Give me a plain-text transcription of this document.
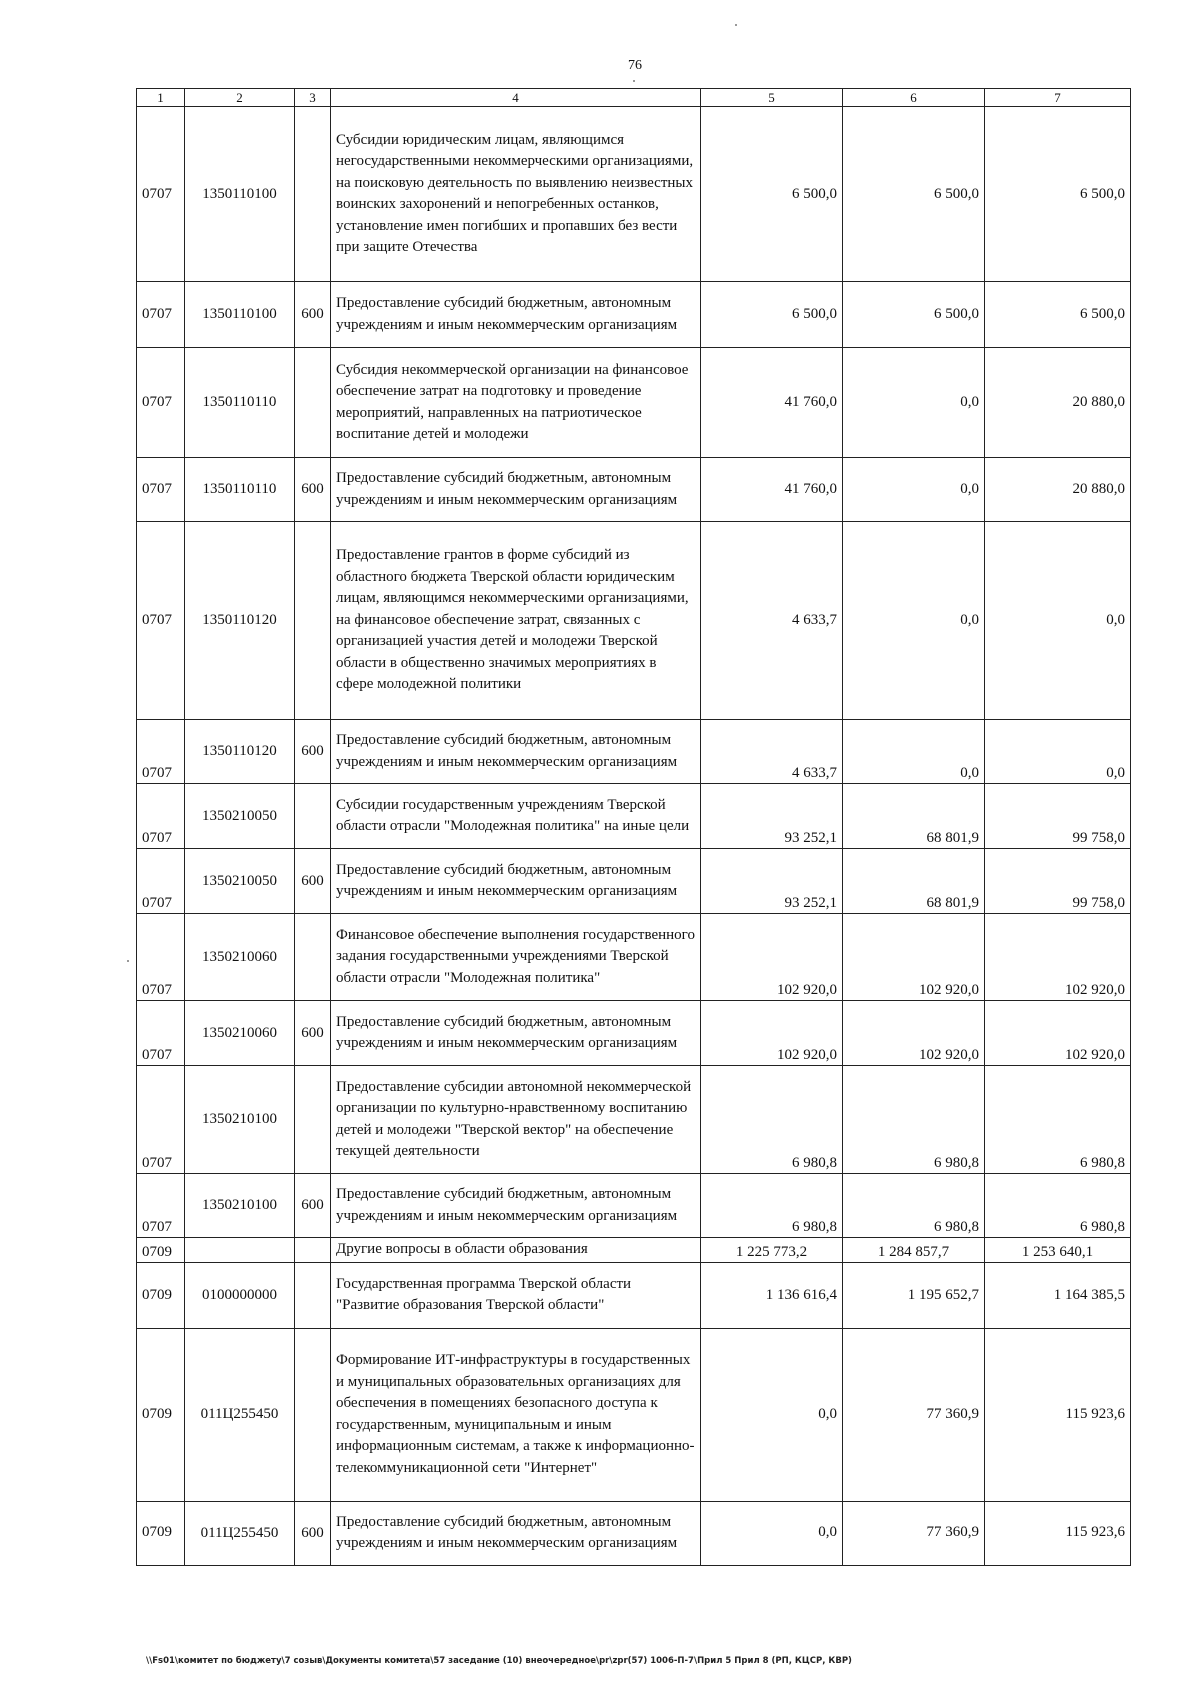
76
1	2	3	4	5	6	7
0707	1350110100		Субсидии юридическим лицам, являющимся негосударственными некоммерческими организациями, на поисковую деятельность по выявлению неизвестных воинских захоронений и непогребенных останков, установление имен погибших и пропавших без вести при защите Отечества	6 500,0	6 500,0	6 500,0
0707	1350110100	600	Предоставление субсидий бюджетным, автономным учреждениям и иным некоммерческим организациям	6 500,0	6 500,0	6 500,0
0707	1350110110		Субсидия некоммерческой организации на финансовое обеспечение затрат на подготовку и проведение мероприятий, направленных на патриотическое воспитание детей и молодежи	41 760,0	0,0	20 880,0
0707	1350110110	600	Предоставление субсидий бюджетным, автономным учреждениям и иным некоммерческим организациям	41 760,0	0,0	20 880,0
0707	1350110120		Предоставление грантов в форме субсидий из областного бюджета Тверской области юридическим лицам, являющимся некоммерческими организациями, на финансовое обеспечение затрат, связанных с организацией участия детей и молодежи Тверской области в общественно значимых мероприятиях в сфере молодежной политики	4 633,7	0,0	0,0
0707	1350110120	600	Предоставление субсидий бюджетным, автономным учреждениям и иным некоммерческим организациям	4 633,7	0,0	0,0
0707	1350210050		Субсидии государственным учреждениям Тверской области отрасли "Молодежная политика" на иные цели	93 252,1	68 801,9	99 758,0
0707	1350210050	600	Предоставление субсидий бюджетным, автономным учреждениям и иным некоммерческим организациям	93 252,1	68 801,9	99 758,0
0707	1350210060		Финансовое обеспечение выполнения государственного задания государственными учреждениями Тверской области отрасли "Молодежная политика"	102 920,0	102 920,0	102 920,0
0707	1350210060	600	Предоставление субсидий бюджетным, автономным учреждениям и иным некоммерческим организациям	102 920,0	102 920,0	102 920,0
0707	1350210100		Предоставление субсидии автономной некоммерческой организации по культурно-нравственному воспитанию детей и молодежи "Тверской вектор" на обеспечение текущей деятельности	6 980,8	6 980,8	6 980,8
0707	1350210100	600	Предоставление субсидий бюджетным, автономным учреждениям и иным некоммерческим организациям	6 980,8	6 980,8	6 980,8
0709			Другие вопросы в области образования	1 225 773,2	1 284 857,7	1 253 640,1
0709	0100000000		Государственная программа Тверской области "Развитие образования Тверской области"	1 136 616,4	1 195 652,7	1 164 385,5
0709	011Ц255450		Формирование ИТ-инфраструктуры в государственных и муниципальных образовательных организациях для обеспечения в помещениях безопасного доступа к государственным, муниципальным и иным информационным системам, а также к информационно-телекоммуникационной сети "Интернет"	0,0	77 360,9	115 923,6
0709	011Ц255450	600	Предоставление субсидий бюджетным, автономным учреждениям и иным некоммерческим организациям	0,0	77 360,9	115 923,6
\\Fs01\комитет по бюджету\7 созыв\Документы комитета\57 заседание (10) внеочередное\pr\zpr(57) 1006-П-7\Прил 5 Прил 8 (РП, КЦСР, КВР)
